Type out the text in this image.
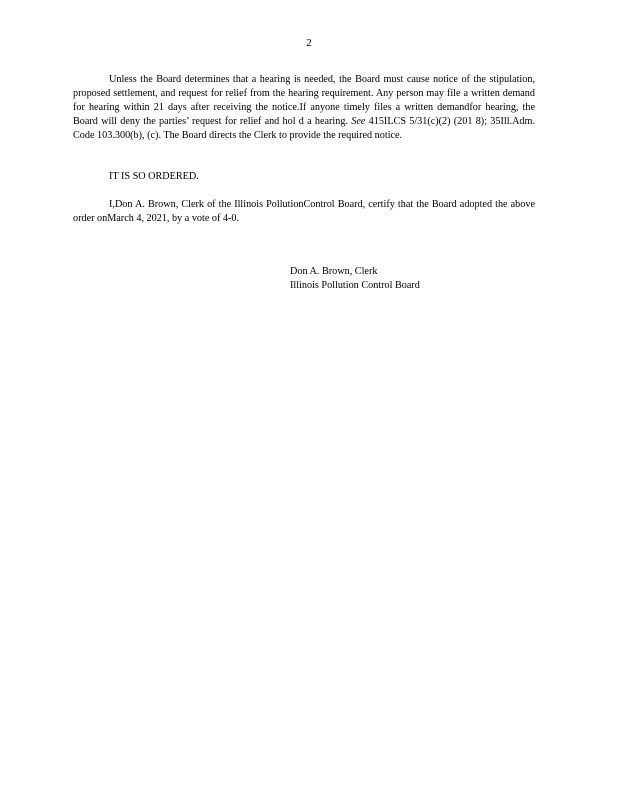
2

Unless the Board determines that a hearing is needed, the Board must cause notice of the stipulation, proposed settlement, and request for relief from the hearing requirement. Any person may file a written demand for hearing within 21 days after receiving the notice.If anyone timely files a written demandfor hearing, the Board will deny the parties’ request for relief and hol d a hearing. See 415ILCS 5/31(c)(2) (201 8); 35Ill.Adm. Code 103.300(b), (c). The Board directs the Clerk to provide the required notice.

IT IS SO ORDERED.

I,Don A. Brown, Clerk of the Illinois PollutionControl Board, certify that the Board adopted the above order onMarch 4, 2021, by a vote of 4-0.

Don A. Brown, Clerk
Illinois Pollution Control Board
